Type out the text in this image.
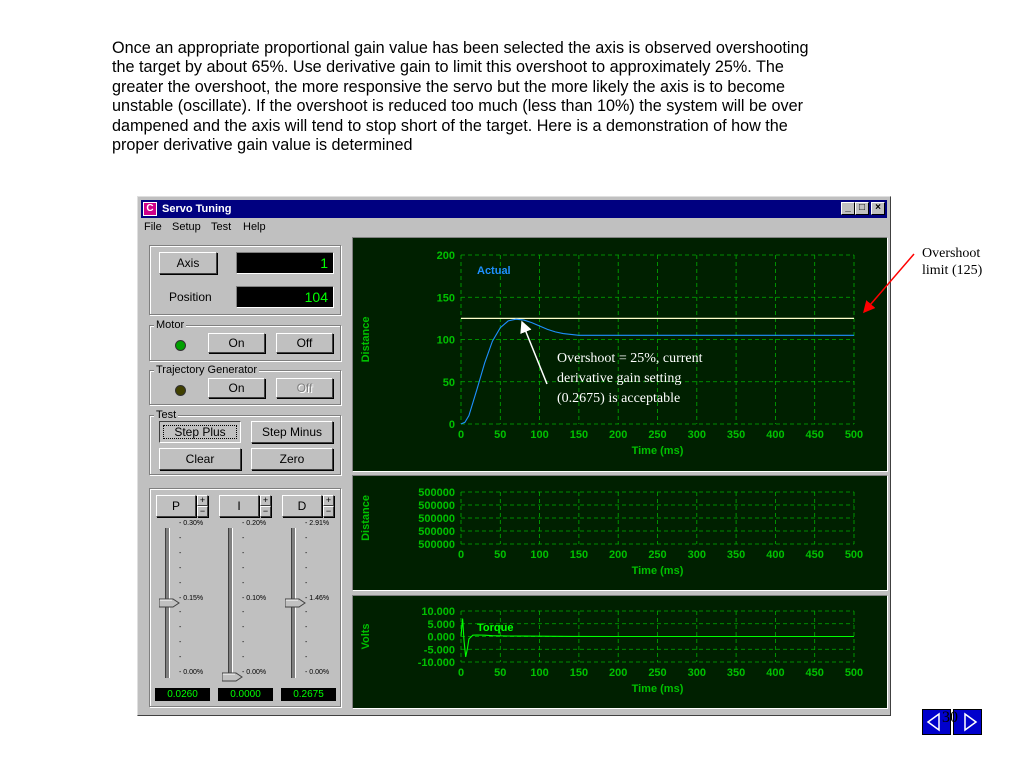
Once an appropriate proportional gain value has been selected the axis is observed overshooting
the target by about 65%. Use derivative gain to limit this overshoot to approximately 25%. The
greater the overshoot, the more responsive the servo but the more likely the axis is to become
unstable (oscillate). If the overshoot is reduced too much (less than 10%) the system will be over
dampened and the axis will tend to stop short of the target. Here is a demonstration of how the
proper derivative gain value is determined
C Servo Tuning	_ □	×
File Setup Test Help
Axis	1
Position	104
Motor
On	Off
Trajectory Generator
On	Off
Test
Step Plus	Step Minus
Clear	Zero
200
150
100
50
0
0	50 100 150 200 250 300 350 400 450 500
Time (ms)
Distance
Actual
500000
500000
500000
500000
500000
0	50 100 150 200 250 300 350 400 450 500
Time (ms)
Distance
10.000
5.000
0.000
-5.000
-10.000
0	50 100 150 200 250 300 350 400 450 500
Time (ms)
Volts	Torque
P	+
−
- 0.30%
-
-
-
-
- 0.15%
-
-
-
-
- 0.00%
0.0260
I	+
−
- 0.20%
-
-
-
-
- 0.10%
-
-
-
-
- 0.00%
0.0000
D	+
−
- 2.91%
-
-
-
-
- 1.46%
-
-
-
-
- 0.00%
0.2675
Overshoot = 25%, current
derivative gain setting
(0.2675) is acceptable
Overshoot
limit (125)
30
